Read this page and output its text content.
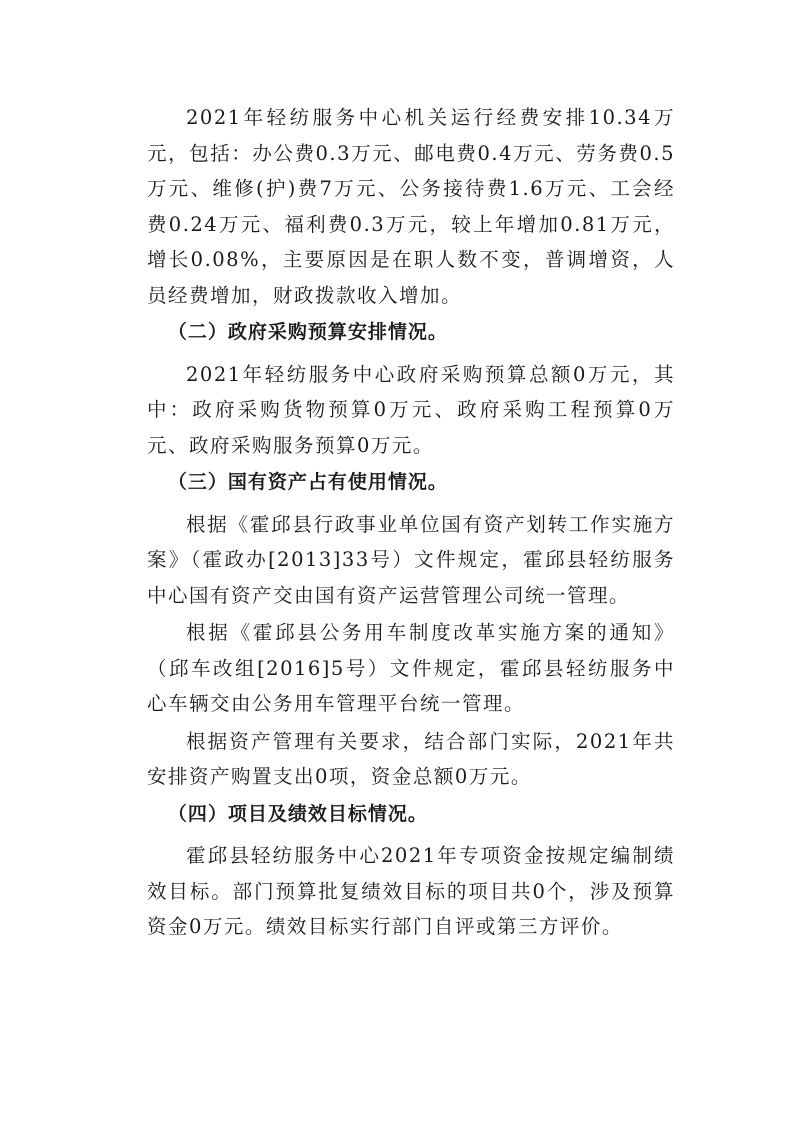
2021年轻纺服务中心机关运行经费安排10.34万元，包括：办公费0.3万元、邮电费0.4万元、劳务费0.5万元、维修(护)费7万元、公务接待费1.6万元、工会经费0.24万元、福利费0.3万元，较上年增加0.81万元，增长0.08%，主要原因是在职人数不变，普调增资，人员经费增加，财政拨款收入增加。

（二）政府采购预算安排情况。

2021年轻纺服务中心政府采购预算总额0万元，其中：政府采购货物预算0万元、政府采购工程预算0万元、政府采购服务预算0万元。

（三）国有资产占有使用情况。

根据《霍邱县行政事业单位国有资产划转工作实施方案》（霍政办[2013]33号）文件规定，霍邱县轻纺服务中心国有资产交由国有资产运营管理公司统一管理。

根据《霍邱县公务用车制度改革实施方案的通知》（邱车改组[2016]5号）文件规定，霍邱县轻纺服务中心车辆交由公务用车管理平台统一管理。

根据资产管理有关要求，结合部门实际，2021年共安排资产购置支出0项，资金总额0万元。

（四）项目及绩效目标情况。

霍邱县轻纺服务中心2021年专项资金按规定编制绩效目标。部门预算批复绩效目标的项目共0个，涉及预算资金0万元。绩效目标实行部门自评或第三方评价。
